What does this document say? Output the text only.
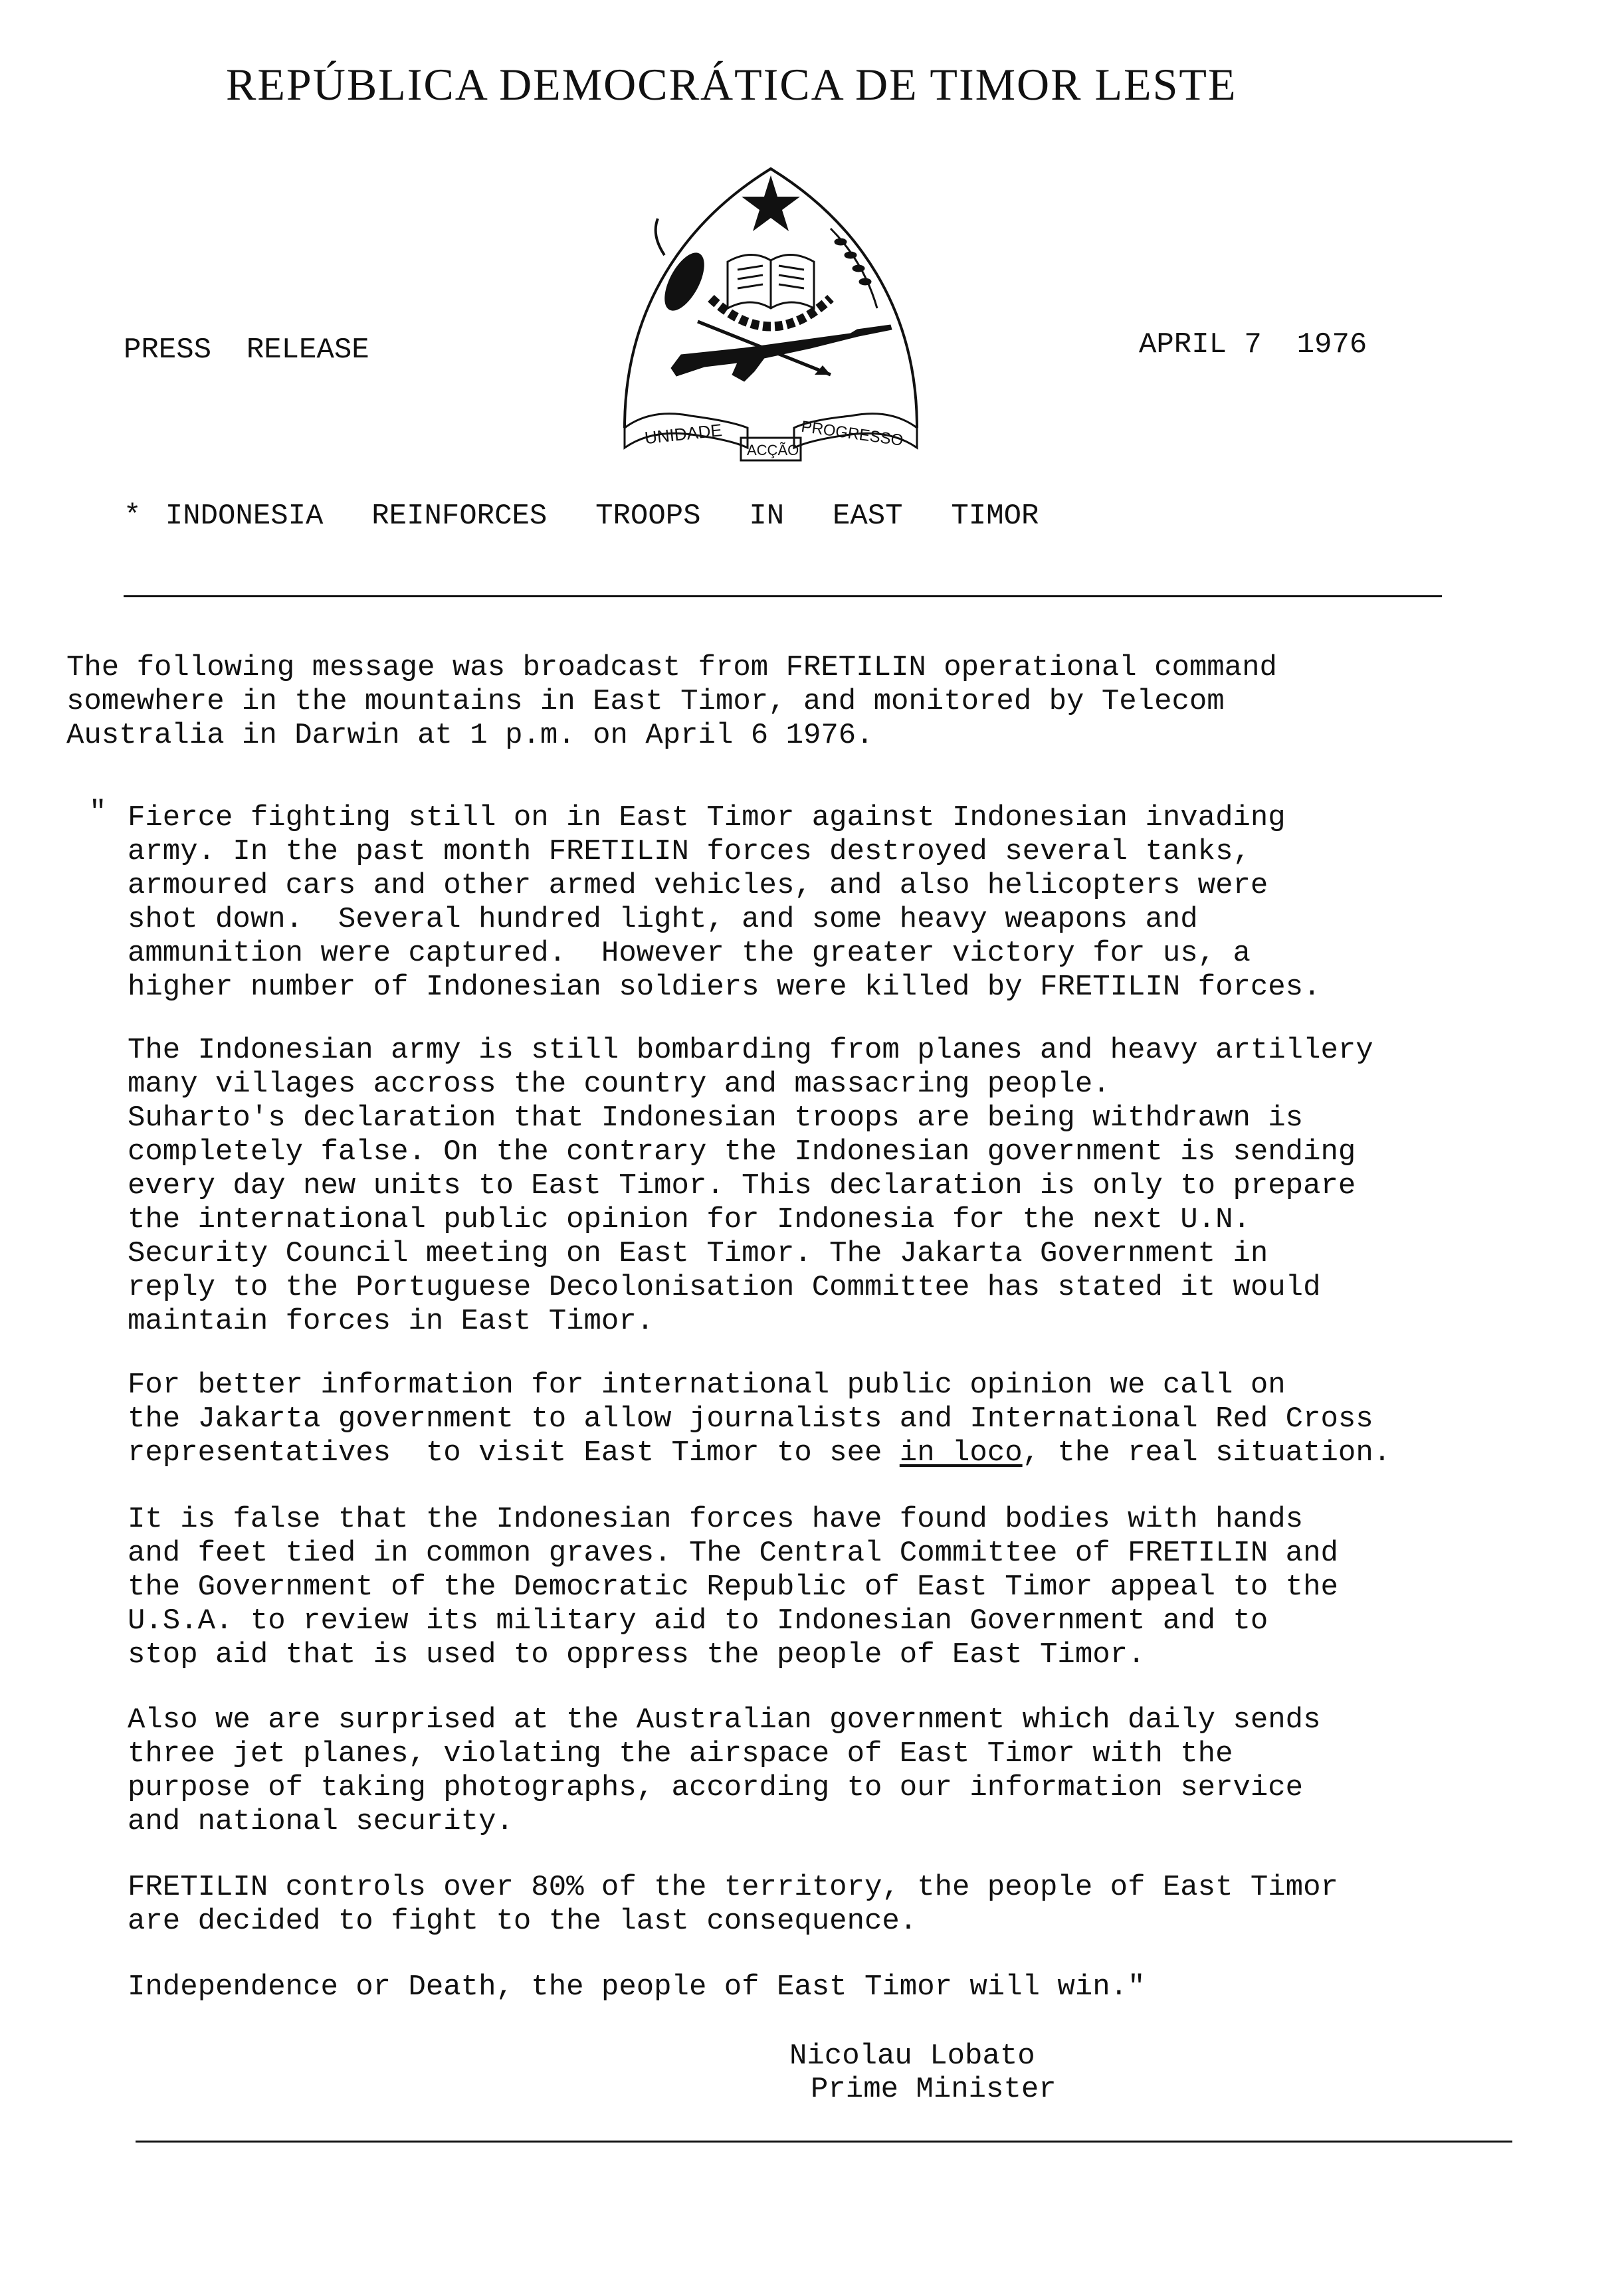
REPÚBLICA DEMOCRÁTICA DE TIMOR LESTE
UNIDADE
ACÇÃO
PROGRESSO
PRESS  RELEASE	APRIL 7  1976
* INDONESIA  REINFORCES  TROOPS  IN  EAST  TIMOR
The following message was broadcast from FRETILIN operational command
somewhere in the mountains in East Timor, and monitored by Telecom
Australia in Darwin at 1 p.m. on April 6 1976.
" Fierce fighting still on in East Timor against Indonesian invading
army. In the past month FRETILIN forces destroyed several tanks,
armoured cars and other armed vehicles, and also helicopters were
shot down.  Several hundred light, and some heavy weapons and
ammunition were captured.  However the greater victory for us, a
higher number of Indonesian soldiers were killed by FRETILIN forces.
The Indonesian army is still bombarding from planes and heavy artillery
many villages accross the country and massacring people.
Suharto's declaration that Indonesian troops are being withdrawn is
completely false. On the contrary the Indonesian government is sending
every day new units to East Timor. This declaration is only to prepare
the international public opinion for Indonesia for the next U.N.
Security Council meeting on East Timor. The Jakarta Government in
reply to the Portuguese Decolonisation Committee has stated it would
maintain forces in East Timor.
For better information for international public opinion we call on
the Jakarta government to allow journalists and International Red Cross
representatives  to visit East Timor to see in loco, the real situation.
It is false that the Indonesian forces have found bodies with hands
and feet tied in common graves. The Central Committee of FRETILIN and
the Government of the Democratic Republic of East Timor appeal to the
U.S.A. to review its military aid to Indonesian Government and to
stop aid that is used to oppress the people of East Timor.
Also we are surprised at the Australian government which daily sends
three jet planes, violating the airspace of East Timor with the
purpose of taking photographs, according to our information service
and national security.
FRETILIN controls over 80% of the territory, the people of East Timor
are decided to fight to the last consequence.
Independence or Death, the people of East Timor will win."
Nicolau Lobato
Prime Minister
